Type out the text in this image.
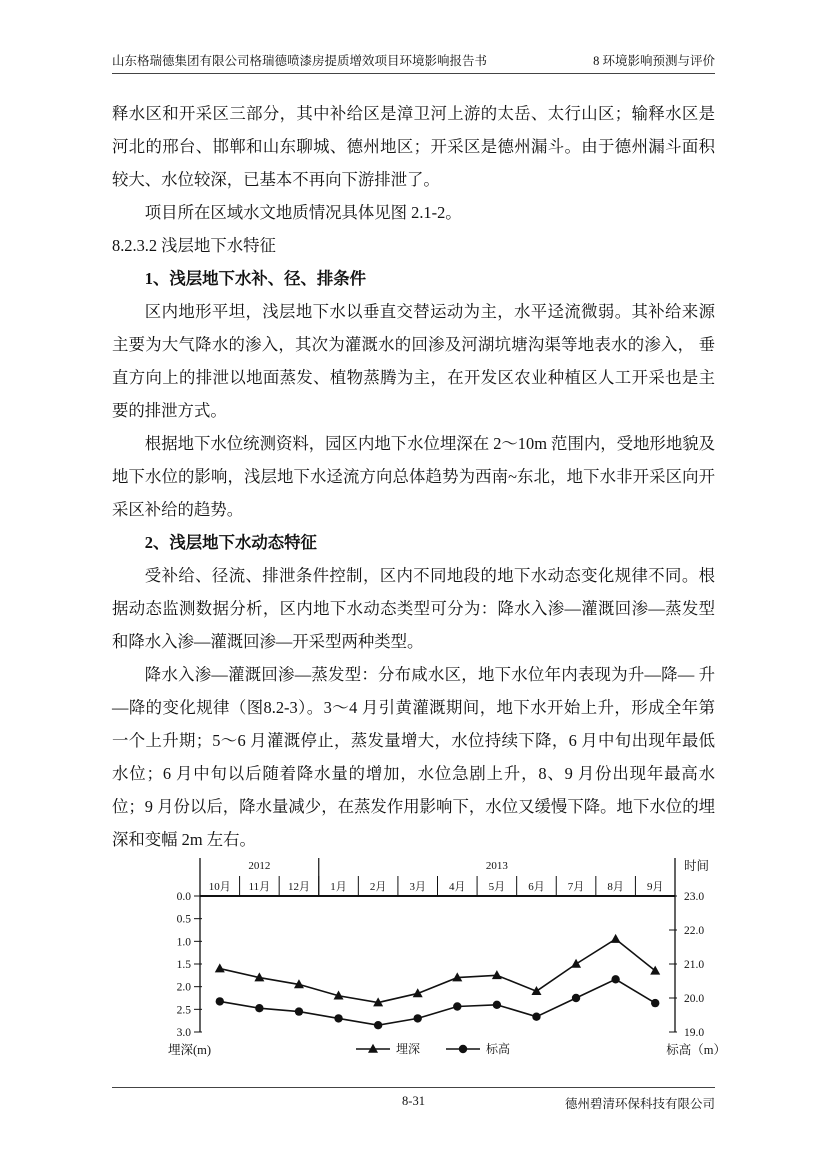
山东格瑞德集团有限公司格瑞德喷漆房提质增效项目环境影响报告书	8 环境影响预测与评价

释水区和开采区三部分，其中补给区是漳卫河上游的太岳、太行山区；输释水区是河北的邢台、邯郸和山东聊城、德州地区；开采区是德州漏斗。由于德州漏斗面积较大、水位较深，已基本不再向下游排泄了。

项目所在区域水文地质情况具体见图 2.1-2。

8.2.3.2 浅层地下水特征

1、浅层地下水补、径、排条件

区内地形平坦，浅层地下水以垂直交替运动为主，水平迳流微弱。其补给来源主要为大气降水的渗入，其次为灌溉水的回渗及河湖坑塘沟渠等地表水的渗入， 垂直方向上的排泄以地面蒸发、植物蒸腾为主，在开发区农业种植区人工开采也是主要的排泄方式。

根据地下水位统测资料，园区内地下水位埋深在 2～10m 范围内，受地形地貌及地下水位的影响，浅层地下水迳流方向总体趋势为西南~东北，地下水非开采区向开采区补给的趋势。

2、浅层地下水动态特征

受补给、径流、排泄条件控制，区内不同地段的地下水动态变化规律不同。根据动态监测数据分析，区内地下水动态类型可分为：降水入渗—灌溉回渗—蒸发型和降水入渗—灌溉回渗—开采型两种类型。

降水入渗—灌溉回渗—蒸发型：分布咸水区，地下水位年内表现为升—降— 升—降的变化规律（图8.2-3）。3～4 月引黄灌溉期间，地下水开始上升，形成全年第一个上升期；5～6 月灌溉停止，蒸发量增大，水位持续下降，6 月中旬出现年最低水位；6 月中旬以后随着降水量的增加，水位急剧上升，8、9 月份出现年最高水位；9 月份以后，降水量减少，在蒸发作用影响下，水位又缓慢下降。地下水位的埋深和变幅 2m 左右。

2012	2013
10月 11月 12月 1月 2月 3月 4月 5月 6月 7月 8月 9月
0.0
0.5
1.0
1.5
2.0
2.5
3.0
23.0
22.0
21.0
20.0
19.0
时间
埋深(m)	标高（m）
埋深	标高
8-31	德州碧清环保科技有限公司
